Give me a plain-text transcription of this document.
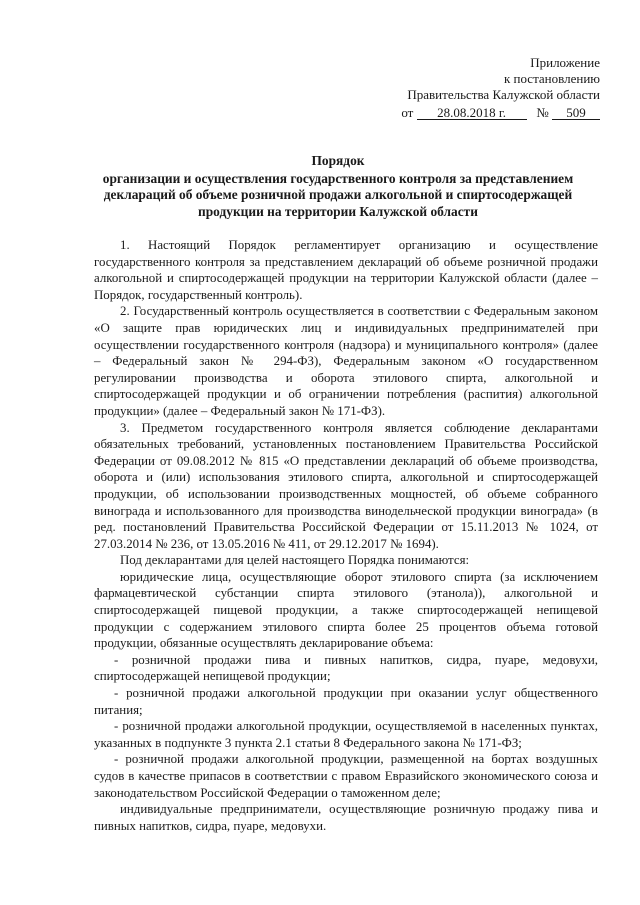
Приложение
к постановлению
Правительства Калужской области
от 28.08.2018 г. № 509
Порядок
организации и осуществления государственного контроля за представлением
деклараций об объеме розничной продажи алкогольной и спиртосодержащей
продукции на территории Калужской области

1. Настоящий Порядок регламентирует организацию и осуществление государственного контроля за представлением деклараций об объеме розничной продажи алкогольной и спиртосодержащей продукции на территории Калужской области (далее – Порядок, государственный контроль).

2. Государственный контроль осуществляется в соответствии с Федеральным законом «О защите прав юридических лиц и индивидуальных предпринимателей при осуществлении государственного контроля (надзора) и муниципального контроля» (далее – Федеральный закон № 294-ФЗ), Федеральным законом «О государственном регулировании производства и оборота этилового спирта, алкогольной и спиртосодержащей продукции и об ограничении потребления (распития) алкогольной продукции» (далее – Федеральный закон № 171-ФЗ).

3. Предметом государственного контроля является соблюдение декларантами обязательных требований, установленных постановлением Правительства Российской Федерации от 09.08.2012 № 815 «О представлении деклараций об объеме производства, оборота и (или) использования этилового спирта, алкогольной и спиртосодержащей продукции, об использовании производственных мощностей, об объеме собранного винограда и использованного для производства винодельческой продукции винограда» (в ред. постановлений Правительства Российской Федерации от 15.11.2013 № 1024, от 27.03.2014 № 236, от 13.05.2016 № 411, от 29.12.2017 № 1694).

Под декларантами для целей настоящего Порядка понимаются:

юридические лица, осуществляющие оборот этилового спирта (за исключением фармацевтической субстанции спирта этилового (этанола)), алкогольной и спиртосодержащей пищевой продукции, а также спиртосодержащей непищевой продукции с содержанием этилового спирта более 25 процентов объема готовой продукции, обязанные осуществлять декларирование объема:

- розничной продажи пива и пивных напитков, сидра, пуаре, медовухи, спиртосодержащей непищевой продукции;

- розничной продажи алкогольной продукции при оказании услуг общественного питания;

- розничной продажи алкогольной продукции, осуществляемой в населенных пунктах, указанных в подпункте 3 пункта 2.1 статьи 8 Федерального закона № 171-ФЗ;

- розничной продажи алкогольной продукции, размещенной на бортах воздушных судов в качестве припасов в соответствии с правом Евразийского экономического союза и законодательством Российской Федерации о таможенном деле;

индивидуальные предприниматели, осуществляющие розничную продажу пива и пивных напитков, сидра, пуаре, медовухи.
